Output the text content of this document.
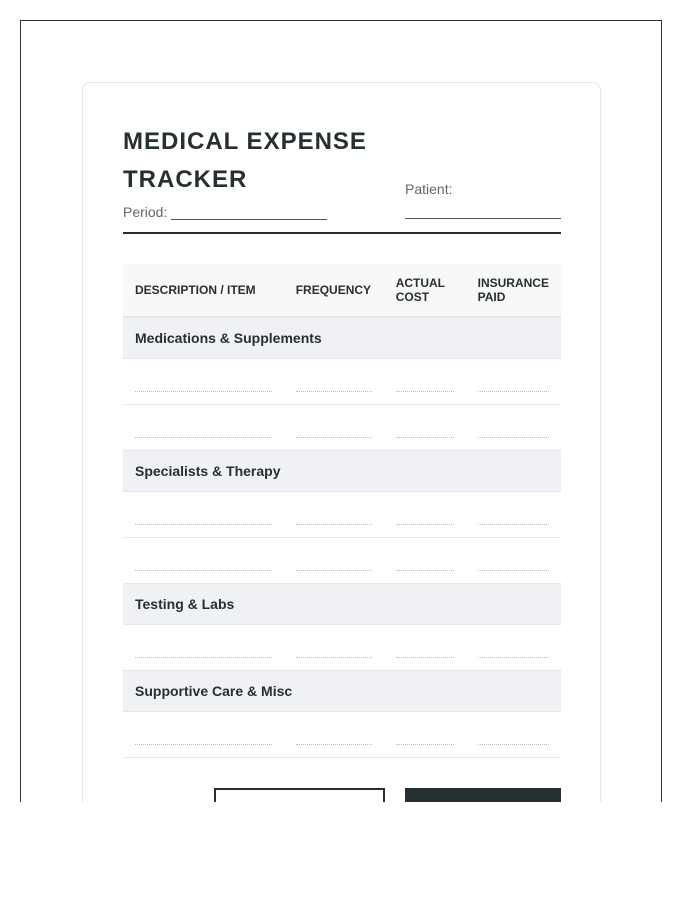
MEDICAL EXPENSE TRACKER
Period:
Patient:
DESCRIPTION / ITEM	FREQUENCY	ACTUAL COST	INSURANCE PAID
Medications & Supplements			

Specialists & Therapy			

Testing & Labs			

Supportive Care & Misc			
